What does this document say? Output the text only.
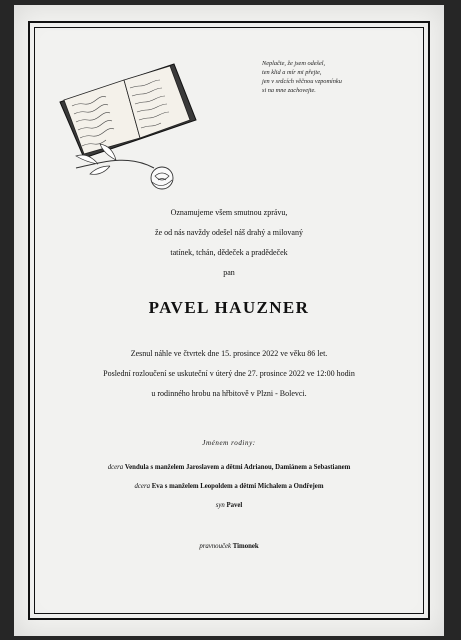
Neplačte, že jsem odešel,
ten klid a mír mi přejte,
jen v srdcích věčnou vzpomínku
si na mne zachovejte.
Oznamujeme všem smutnou zprávu,
že od nás navždy odešel náš drahý a milovaný
tatínek, tchán, dědeček a pradědeček
pan
PAVEL HAUZNER
Zesnul náhle ve čtvrtek dne 15. prosince 2022 ve věku 86 let.
Poslední rozloučení se uskuteční v úterý dne 27. prosince 2022 ve 12:00 hodin
u rodinného hrobu na hřbitově v Plzni - Bolevci.
Jménem rodiny:
dcera Vendula s manželem Jaroslavem a dětmi Adrianou, Damiánem a Sebastianem
dcera Eva s manželem Leopoldem a dětmi Michalem a Ondřejem
syn Pavel
pravnouček Timonek
